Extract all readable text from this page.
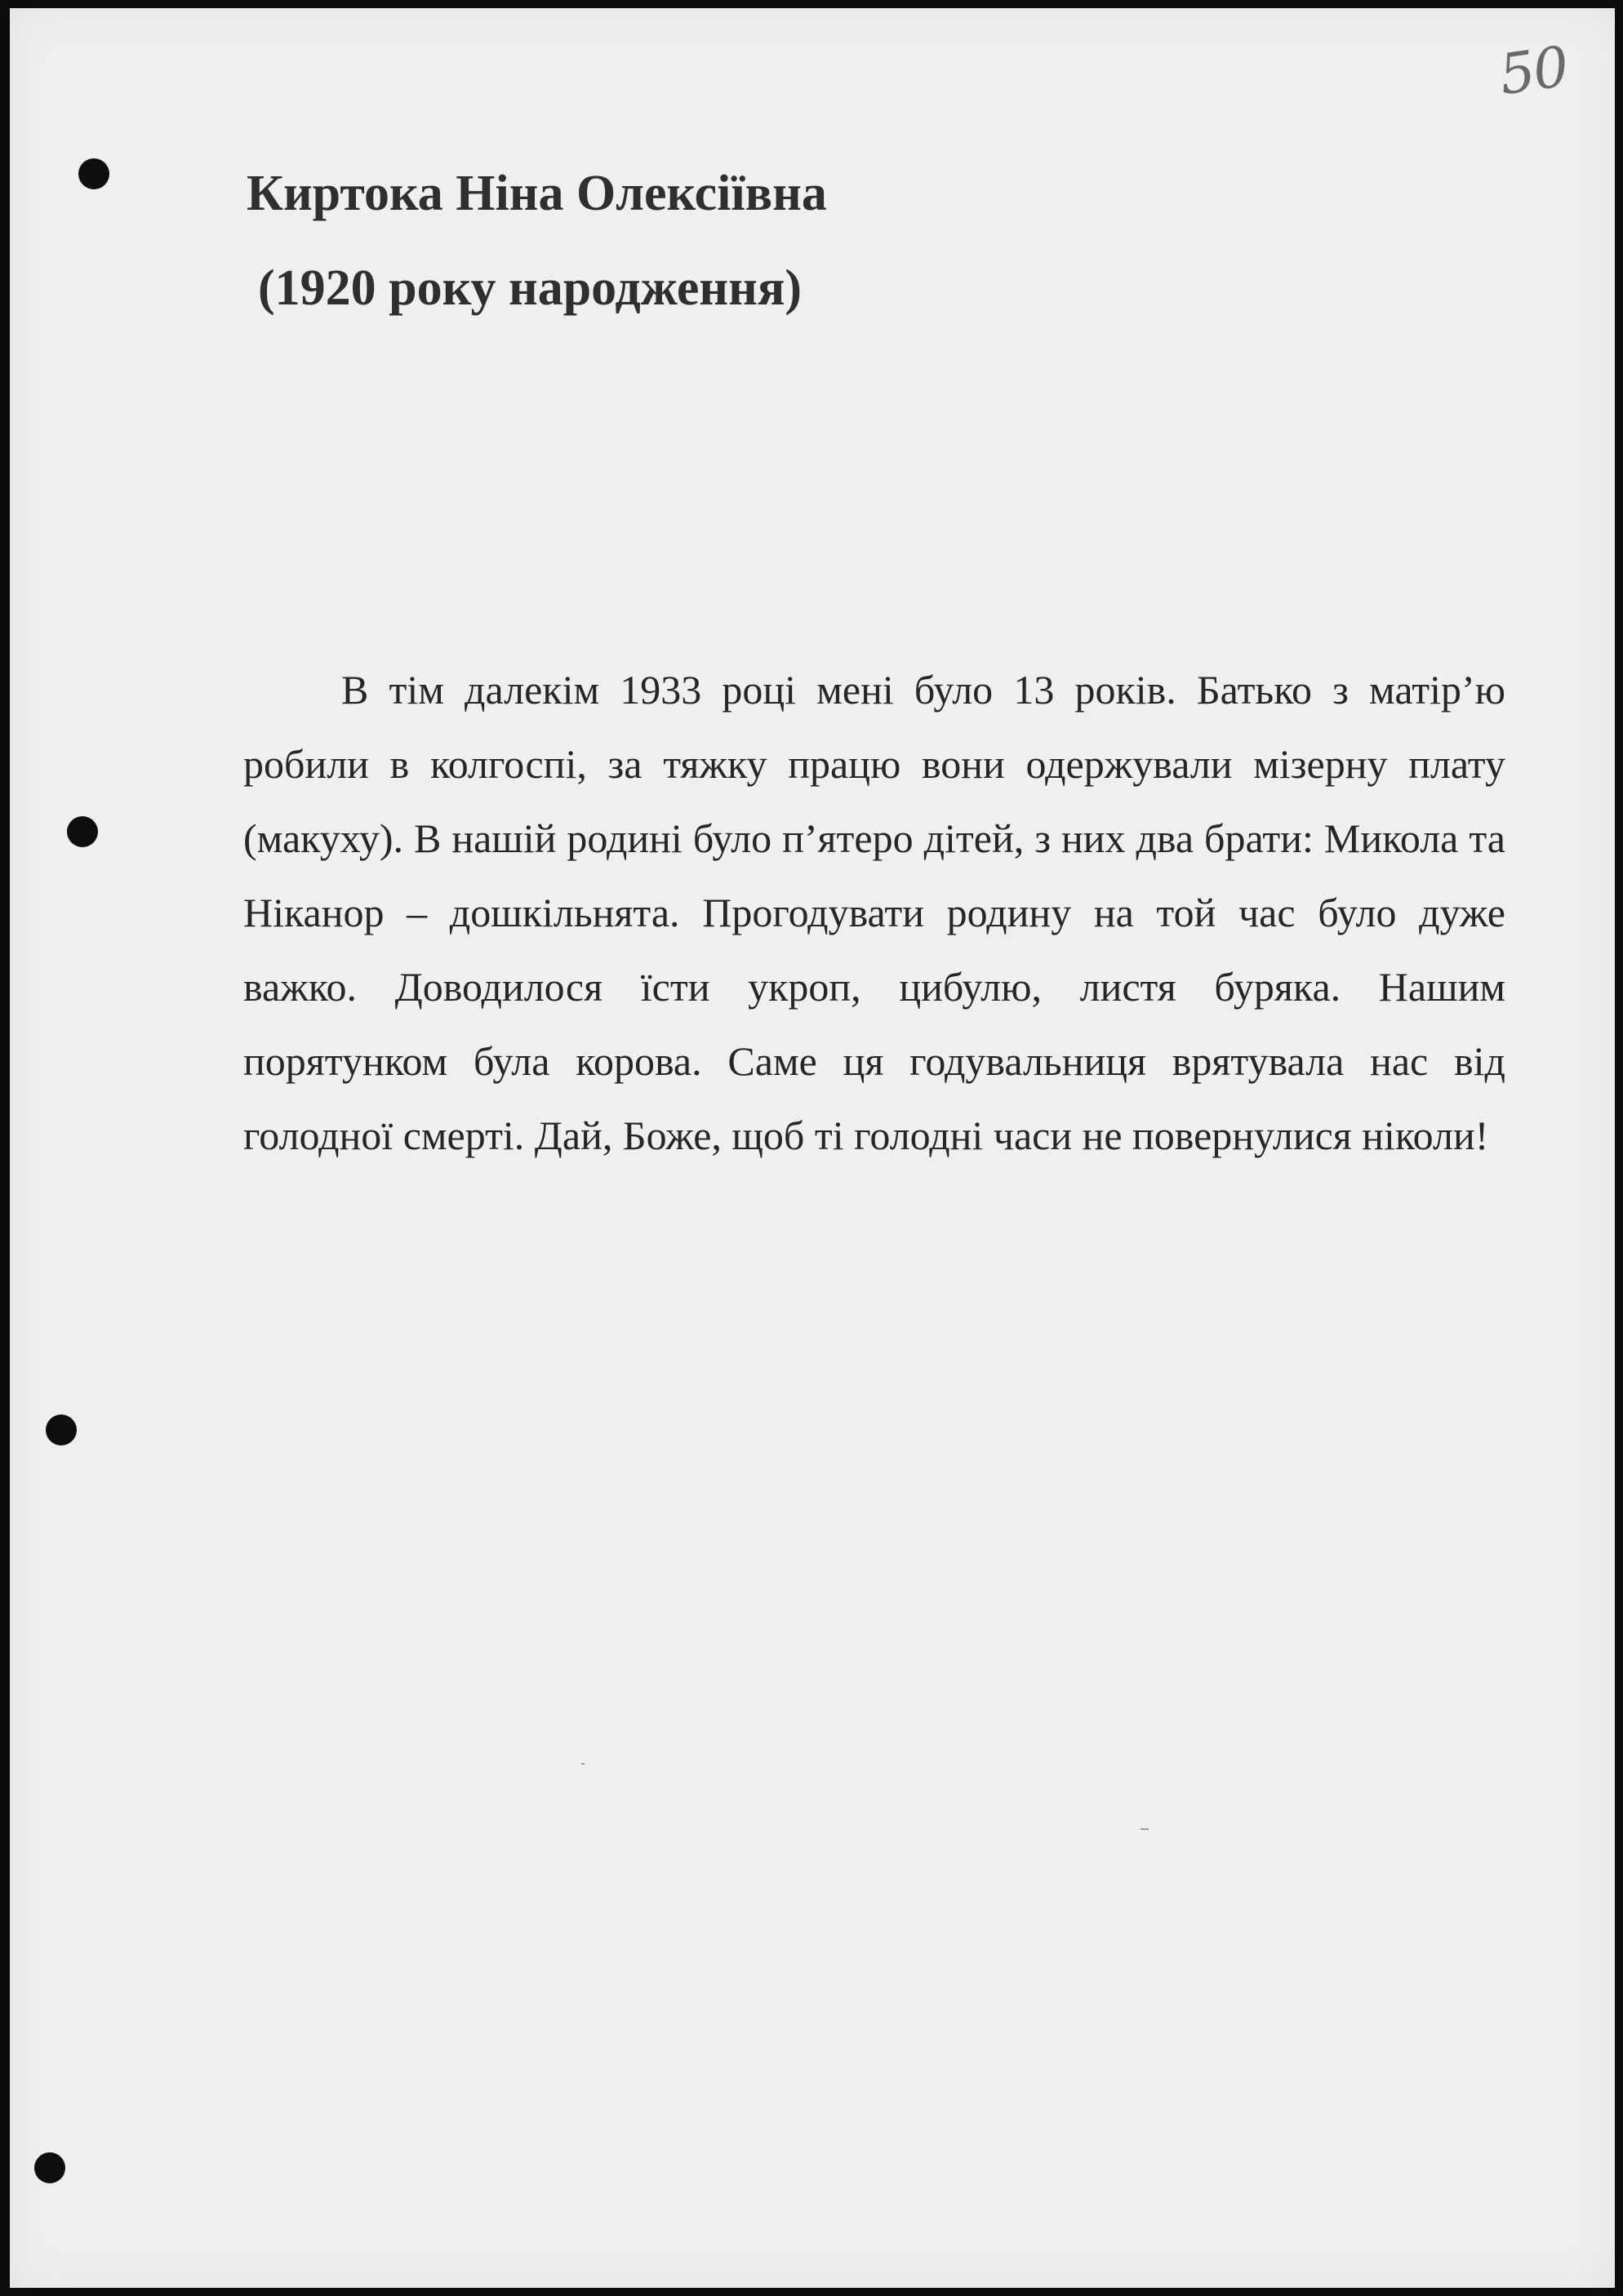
50
Киртока Ніна Олексіївна
(1920 року народження)

В тім далекім 1933 році мені було 13 років. Батько з матір’ю робили в колгоспі, за тяжку працю вони одержували мізерну плату (макуху). В нашій родині було п’ятеро дітей, з них два брати: Микола та Ніканор – дошкільнята. Прогодувати родину на той час було дуже важко. Доводилося їсти укроп, цибулю, листя буряка. Нашим порятунком була корова. Саме ця годувальниця врятувала нас від голодної смерті. Дай, Боже, щоб ті голодні часи не повернулися ніколи!
